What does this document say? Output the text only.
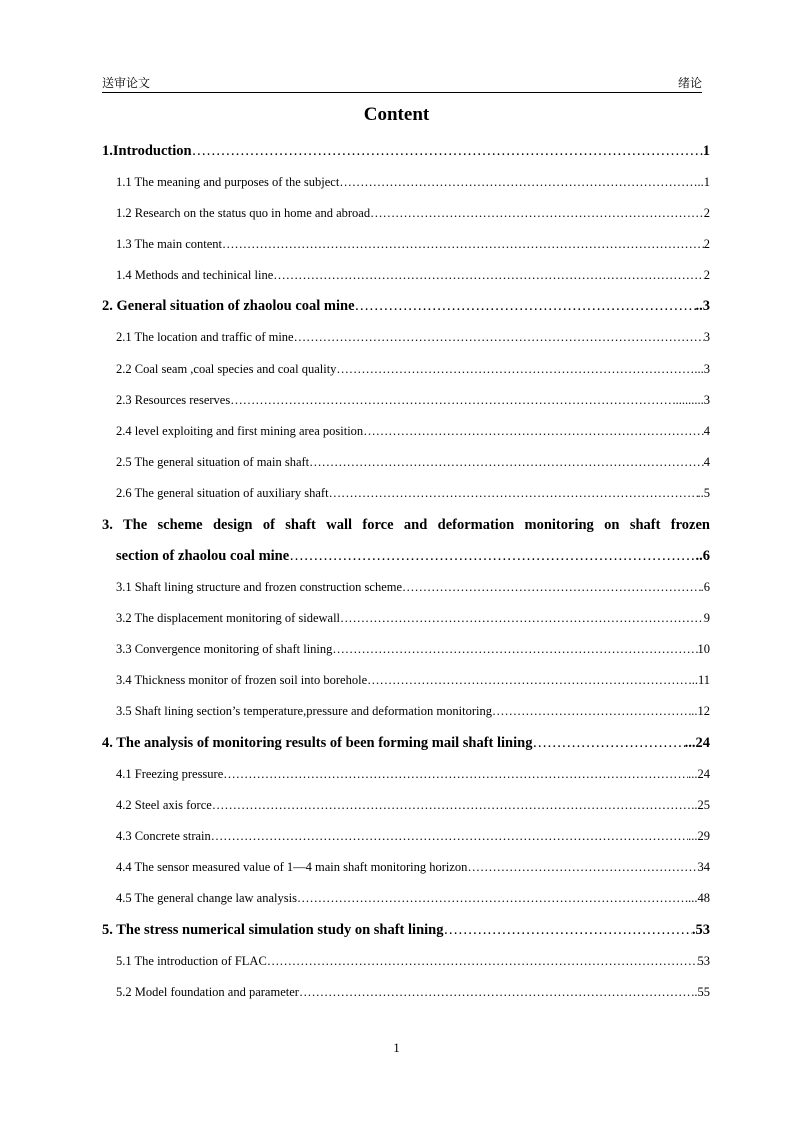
送审论文	绪论
Content
1.Introduction ……………………………………………………………………………………………………………………………………………………………………………	1
1.1 The meaning and purposes of the subject ……………………………………………………………………………………………………………………………………………………………………………	..1
1.2 Research on the status quo in home and abroad ……………………………………………………………………………………………………………………………………………………………………………	2
1.3 The main content ……………………………………………………………………………………………………………………………………………………………………………	2
1.4 Methods and techinical line ……………………………………………………………………………………………………………………………………………………………………………	2
2. General situation of zhaolou coal mine ……………………………………………………………………………………………………………………………………………………………………………	..3
2.1 The location and traffic of mine ……………………………………………………………………………………………………………………………………………………………………………	3
2.2 Coal seam ,coal species and coal quality ……………………………………………………………………………………………………………………………………………………………………………	………...3
2.3 Resources reserves ……………………………………………………………………………………………………………………………………………………………………………	.........3
2.4 level exploiting and first mining area position ……………………………………………………………………………………………………………………………………………………………………………	4
2.5 The general situation of main shaft ……………………………………………………………………………………………………………………………………………………………………………	4
2.6 The general situation of auxiliary shaft ……………………………………………………………………………………………………………………………………………………………………………	..5
3. The scheme design of shaft wall force and deformation monitoring on shaft frozen
section of zhaolou coal mine ……………………………………………………………………………………………………………………………………………………………………………	..6
3.1 Shaft lining structure and frozen construction scheme ……………………………………………………………………………………………………………………………………………………………………………	.6
3.2 The displacement monitoring of sidewall ……………………………………………………………………………………………………………………………………………………………………………	9
3.3 Convergence monitoring of shaft lining ……………………………………………………………………………………………………………………………………………………………………………	10
3.4 Thickness monitor of frozen soil into borehole ……………………………………………………………………………………………………………………………………………………………………………	..11
3.5 Shaft lining section’s temperature,pressure and deformation monitoring ……………………………………………………………………………………………………………………………………………………………………………	..12
4. The analysis of monitoring results of been forming mail shaft lining ……………………………………………………………………………………………………………………………………………………………………………	...24
4.1 Freezing pressure ……………………………………………………………………………………………………………………………………………………………………………	...24
4.2 Steel axis force ……………………………………………………………………………………………………………………………………………………………………………	..25
4.3 Concrete strain ……………………………………………………………………………………………………………………………………………………………………………	...29
4.4 The sensor measured value of 1—4 main shaft monitoring horizon ……………………………………………………………………………………………………………………………………………………………………………	34
4.5 The general change law analysis ……………………………………………………………………………………………………………………………………………………………………………	...48
5. The stress numerical simulation study on shaft lining ……………………………………………………………………………………………………………………………………………………………………………	.53
5.1 The introduction of FLAC ……………………………………………………………………………………………………………………………………………………………………………	53
5.2 Model foundation and parameter ……………………………………………………………………………………………………………………………………………………………………………	..55
1
